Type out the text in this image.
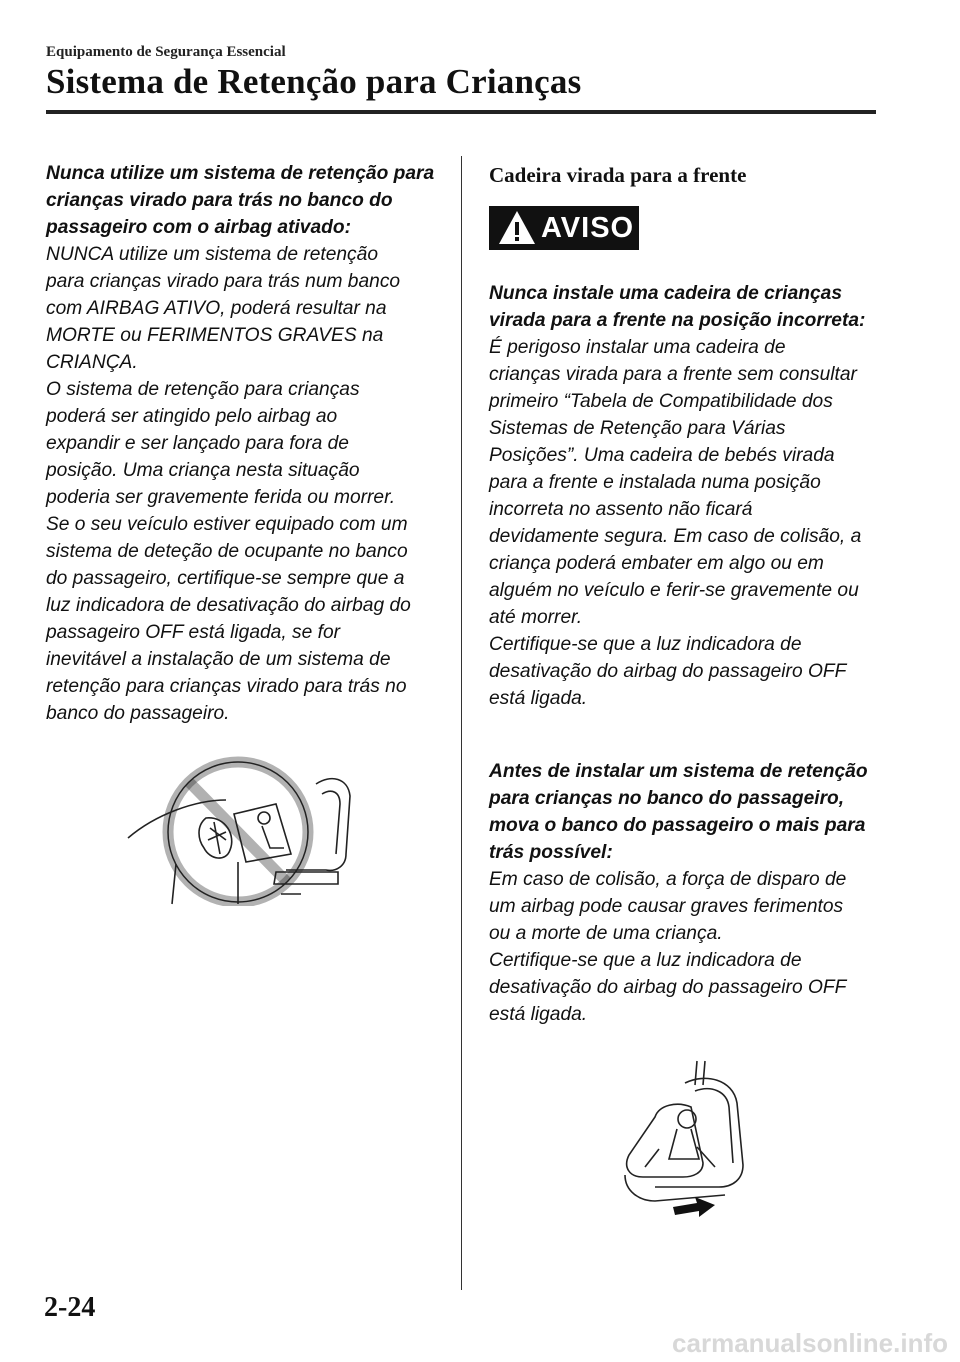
Equipamento de Segurança Essencial
Sistema de Retenção para Crianças

Nunca utilize um sistema de retenção para

crianças virado para trás no banco do

passageiro com o airbag ativado:

NUNCA utilize um sistema de retenção

para crianças virado para trás num banco

com AIRBAG ATIVO, poderá resultar na

MORTE ou FERIMENTOS GRAVES na

CRIANÇA.

O sistema de retenção para crianças

poderá ser atingido pelo airbag ao

expandir e ser lançado para fora de

posição. Uma criança nesta situação

poderia ser gravemente ferida ou morrer.

Se o seu veículo estiver equipado com um

sistema de deteção de ocupante no banco

do passageiro, certifique-se sempre que a

luz indicadora de desativação do airbag do

passageiro OFF está ligada, se for

inevitável a instalação de um sistema de

retenção para crianças virado para trás no

banco do passageiro.

Cadeira virada para a frente

AVISO

Nunca instale uma cadeira de crianças

virada para a frente na posição incorreta:

É perigoso instalar uma cadeira de

crianças virada para a frente sem consultar

primeiro “Tabela de Compatibilidade dos

Sistemas de Retenção para Várias

Posições”. Uma cadeira de bebés virada

para a frente e instalada numa posição

incorreta no assento não ficará

devidamente segura. Em caso de colisão, a

criança poderá embater em algo ou em

alguém no veículo e ferir-se gravemente ou

até morrer.

Certifique-se que a luz indicadora de

desativação do airbag do passageiro OFF

está ligada.

Antes de instalar um sistema de retenção

para crianças no banco do passageiro,

mova o banco do passageiro o mais para

trás possível:

Em caso de colisão, a força de disparo de

um airbag pode causar graves ferimentos

ou a morte de uma criança.

Certifique-se que a luz indicadora de

desativação do airbag do passageiro OFF

está ligada.

2-24
carmanualsonline.info
